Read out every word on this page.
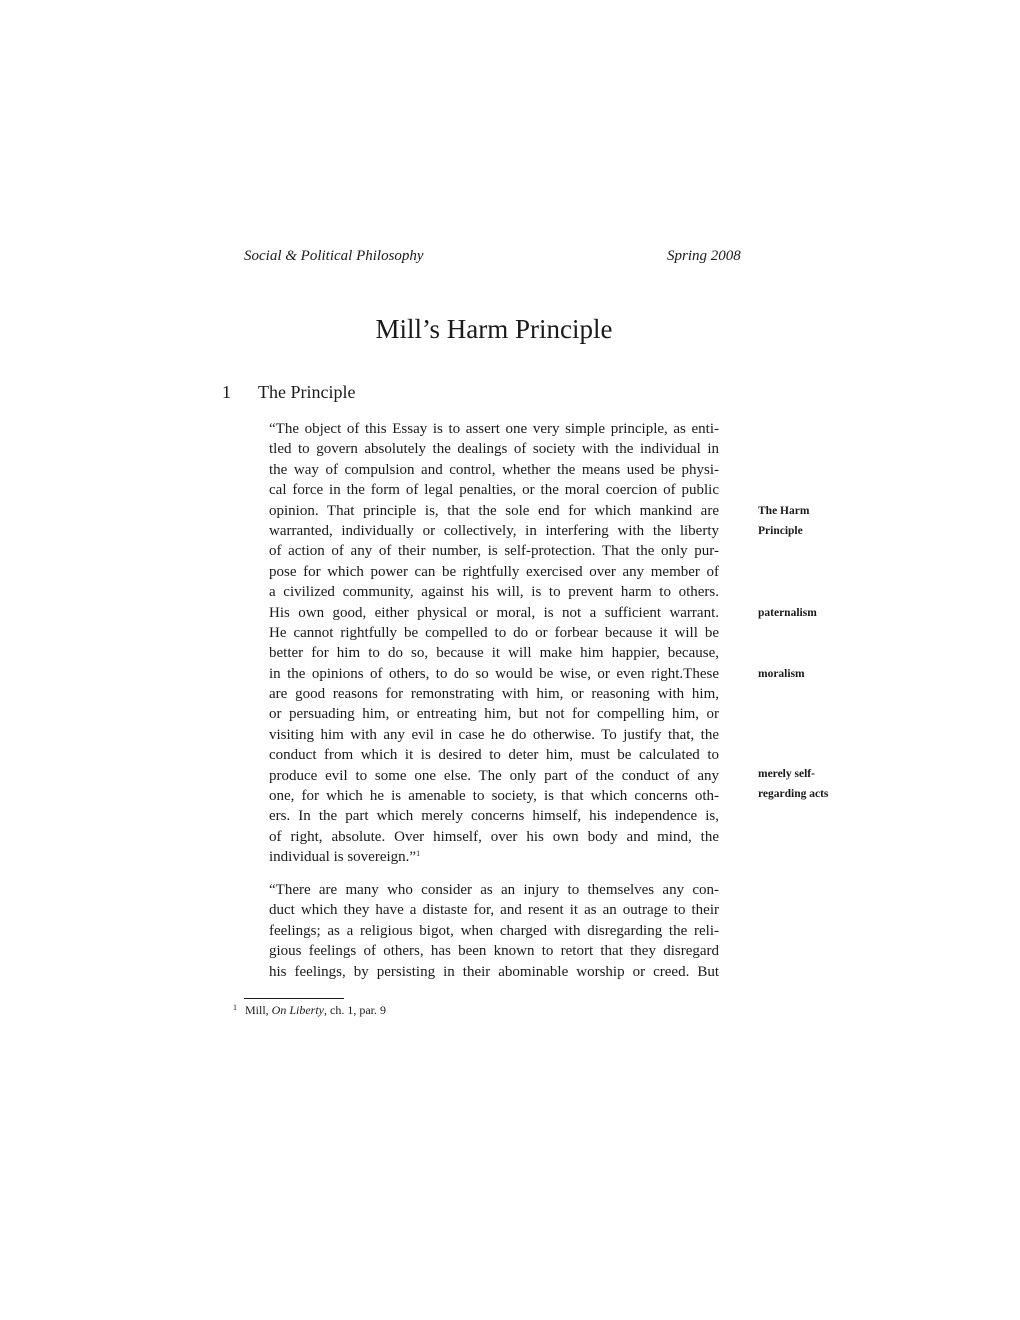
Social & Political Philosophy	Spring 2008
Mill’s Harm Principle
1 The Principle
“The object of this Essay is to assert one very simple principle, as enti-
tled to govern absolutely the dealings of society with the individual in
the way of compulsion and control, whether the means used be physi-
cal force in the form of legal penalties, or the moral coercion of public
opinion. That principle is, that the sole end for which mankind are
warranted, individually or collectively, in interfering with the liberty
of action of any of their number, is self-protection. That the only pur-
pose for which power can be rightfully exercised over any member of
a civilized community, against his will, is to prevent harm to others.
His own good, either physical or moral, is not a sufficient warrant.
He cannot rightfully be compelled to do or forbear because it will be
better for him to do so, because it will make him happier, because,
in the opinions of others, to do so would be wise, or even right.These
are good reasons for remonstrating with him, or reasoning with him,
or persuading him, or entreating him, but not for compelling him, or
visiting him with any evil in case he do otherwise. To justify that, the
conduct from which it is desired to deter him, must be calculated to
produce evil to some one else. The only part of the conduct of any
one, for which he is amenable to society, is that which concerns oth-
ers. In the part which merely concerns himself, his independence is,
of right, absolute. Over himself, over his own body and mind, the
individual is sovereign.”$^1$
“There are many who consider as an injury to themselves any con-
duct which they have a distaste for, and resent it as an outrage to their
feelings; as a religious bigot, when charged with disregarding the reli-
gious feelings of others, has been known to retort that they disregard
his feelings, by persisting in their abominable worship or creed. But
The Harm
Principle
paternalism
moralism
merely self-
regarding acts
1 Mill, On Liberty, ch. 1, par. 9
